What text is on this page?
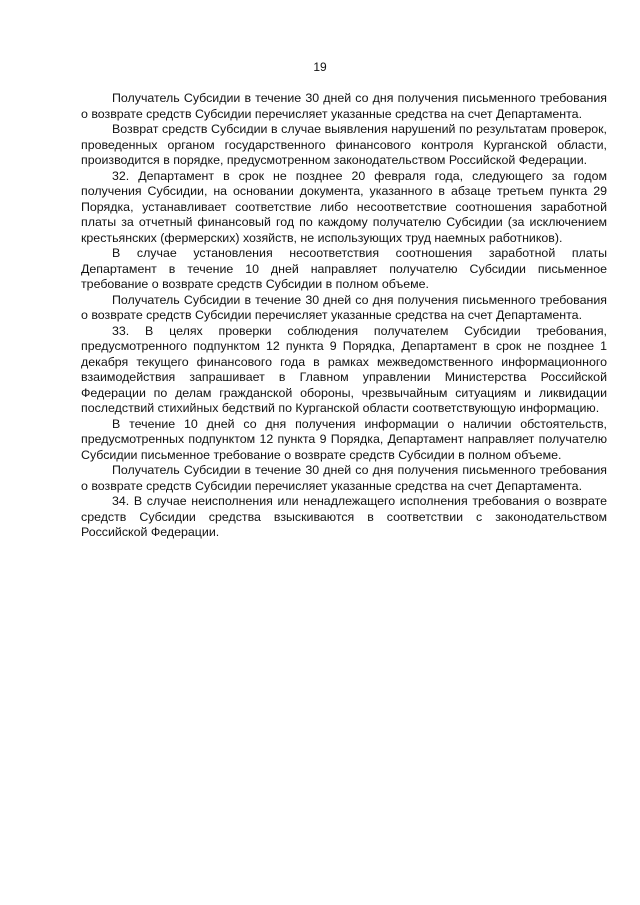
19

Получатель Субсидии в течение 30 дней со дня получения письменного требования о возврате средств Субсидии перечисляет указанные средства на счет Департамента.

Возврат средств Субсидии в случае выявления нарушений по результатам проверок, проведенных органом государственного финансового контроля Курганской области, производится в порядке, предусмотренном законодательством Российской Федерации.

32. Департамент в срок не позднее 20 февраля года, следующего за годом получения Субсидии, на основании документа, указанного в абзаце третьем пункта 29 Порядка, устанавливает соответствие либо несоответствие соотношения заработной платы за отчетный финансовый год по каждому получателю Субсидии (за исключением крестьянских (фермерских) хозяйств, не использующих труд наемных работников).

В случае установления несоответствия соотношения заработной платы Департамент в течение 10 дней направляет получателю Субсидии письменное требование о возврате средств Субсидии в полном объеме.

Получатель Субсидии в течение 30 дней со дня получения письменного требования о возврате средств Субсидии перечисляет указанные средства на счет Департамента.

33. В целях проверки соблюдения получателем Субсидии требования, предусмотренного подпунктом 12 пункта 9 Порядка, Департамент в срок не позднее 1 декабря текущего финансового года в рамках межведомственного информационного взаимодействия запрашивает в Главном управлении Министерства Российской Федерации по делам гражданской обороны, чрезвычайным ситуациям и ликвидации последствий стихийных бедствий по Курганской области соответствующую информацию.

В течение 10 дней со дня получения информации о наличии обстоятельств, предусмотренных подпунктом 12 пункта 9 Порядка, Департамент направляет получателю Субсидии письменное требование о возврате средств Субсидии в полном объеме.

Получатель Субсидии в течение 30 дней со дня получения письменного требования о возврате средств Субсидии перечисляет указанные средства на счет Департамента.

34. В случае неисполнения или ненадлежащего исполнения требования о возврате средств Субсидии средства взыскиваются в соответствии с законодательством Российской Федерации.
